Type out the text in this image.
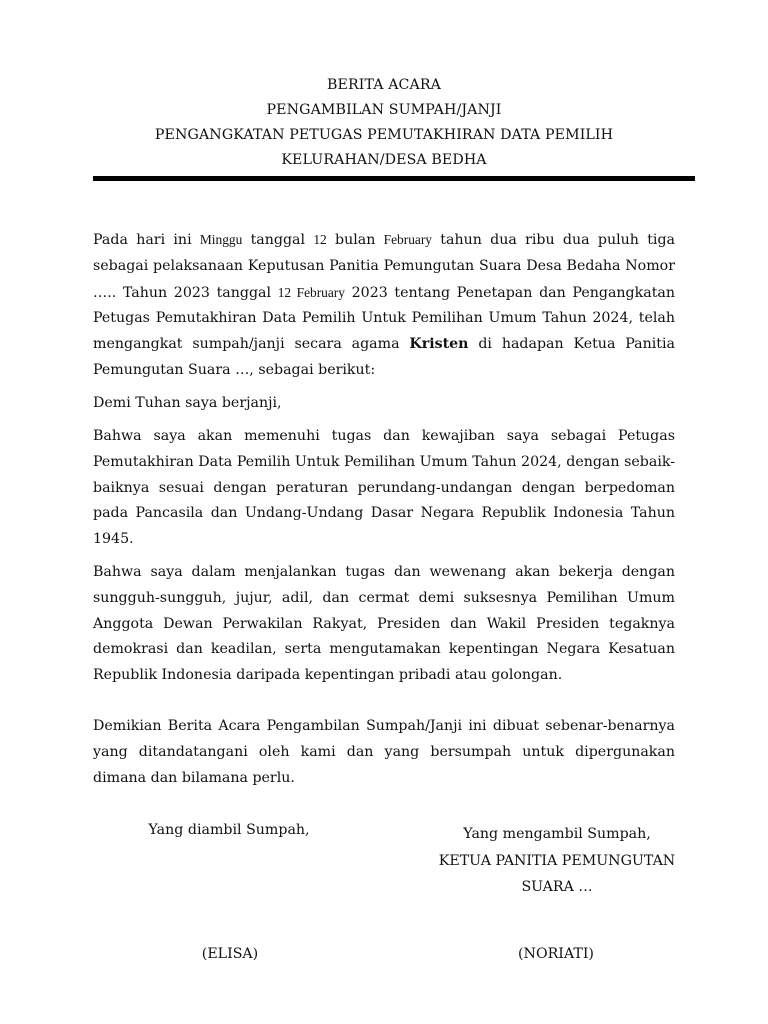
BERITA ACARA
PENGAMBILAN SUMPAH/JANJI
PENGANGKATAN PETUGAS PEMUTAKHIRAN DATA PEMILIH
KELURAHAN/DESA BEDHA

Pada hari ini Minggu tanggal 12 bulan February tahun dua ribu dua puluh tiga sebagai pelaksanaan Keputusan Panitia Pemungutan Suara Desa Bedaha Nomor ….. Tahun 2023 tanggal 12 February 2023 tentang Penetapan dan Pengangkatan Petugas Pemutakhiran Data Pemilih Untuk Pemilihan Umum Tahun 2024, telah mengangkat sumpah/janji secara agama Kristen di hadapan Ketua Panitia Pemungutan Suara …, sebagai berikut:

Demi Tuhan saya berjanji,

Bahwa saya akan memenuhi tugas dan kewajiban saya sebagai Petugas Pemutakhiran Data Pemilih Untuk Pemilihan Umum Tahun 2024, dengan sebaik-baiknya sesuai dengan peraturan perundang-undangan dengan berpedoman pada Pancasila dan Undang-Undang Dasar Negara Republik Indonesia Tahun 1945.

Bahwa saya dalam menjalankan tugas dan wewenang akan bekerja dengan sungguh-sungguh, jujur, adil, dan cermat demi suksesnya Pemilihan Umum Anggota Dewan Perwakilan Rakyat, Presiden dan Wakil Presiden tegaknya demokrasi dan keadilan, serta mengutamakan kepentingan Negara Kesatuan Republik Indonesia daripada kepentingan pribadi atau golongan.

Demikian Berita Acara Pengambilan Sumpah/Janji ini dibuat sebenar-benarnya yang ditandatangani oleh kami dan yang bersumpah untuk dipergunakan dimana dan bilamana perlu.

Yang diambil Sumpah,	Yang mengambil Sumpah,
KETUA PANITIA PEMUNGUTAN
SUARA …
(ELISA)	(NORIATI)
